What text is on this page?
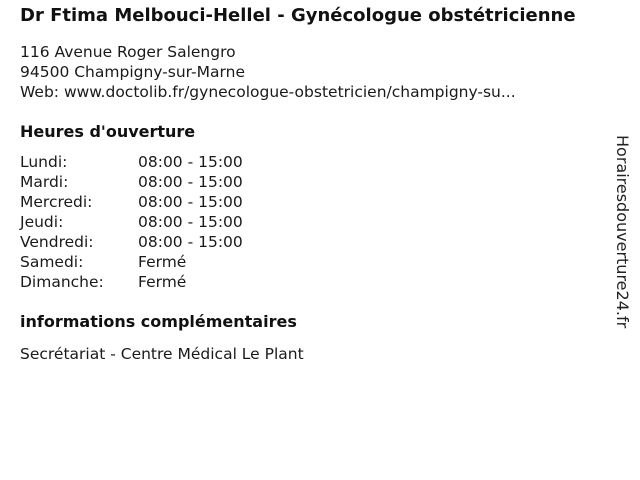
Dr Ftima Melbouci-Hellel - Gynécologue obstétricienne
116 Avenue Roger Salengro
94500 Champigny-sur-Marne
Web: www.doctolib.fr/gynecologue-obstetricien/champigny-su...
Heures d'ouverture
Lundi:	08:00 - 15:00
Mardi:	08:00 - 15:00
Mercredi:	08:00 - 15:00
Jeudi:	08:00 - 15:00
Vendredi:	08:00 - 15:00
Samedi:	Fermé
Dimanche:	Fermé
informations complémentaires
Secrétariat - Centre Médical Le Plant
Horairesdouverture24.fr
